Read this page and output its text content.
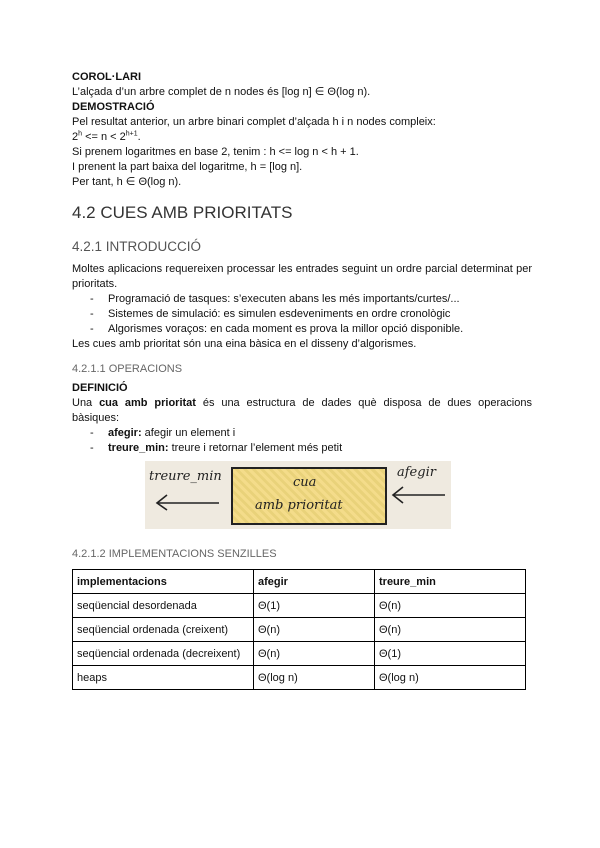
COROL·LARI
L’alçada d’un arbre complet de n nodes és [log n] ∈ Θ(log n).
DEMOSTRACIÓ
Pel resultat anterior, un arbre binari complet d’alçada h i n nodes compleix:
$2^h <= n < 2^{h+1}$.
Si prenem logaritmes en base 2, tenim : h <= log n < h + 1.
I prenent la part baixa del logaritme, h = [log n].
Per tant, h ∈ Θ(log n).
4.2 CUES AMB PRIORITATS
4.2.1 INTRODUCCIÓ
Moltes aplicacions requereixen processar les entrades seguint un ordre parcial determinat per prioritats.
- Programació de tasques: s’executen abans les més importants/curtes/...
- Sistemes de simulació: es simulen esdeveniments en ordre cronològic
- Algorismes voraços: en cada moment es prova la millor opció disponible.
Les cues amb prioritat són una eina bàsica en el disseny d’algorismes.
4.2.1.1 OPERACIONS
DEFINICIÓ
Una cua amb prioritat és una estructura de dades què disposa de dues operacions bàsiques:
- afegir: afegir un element i
- treure_min: treure i retornar l’element més petit
treure_min	cua
amb prioritat
afegir
4.2.1.2 IMPLEMENTACIONS SENZILLES
implementacions	afegir	treure_min
seqüencial desordenada	Θ(1)	Θ(n)
seqüencial ordenada (creixent)	Θ(n)	Θ(n)
seqüencial ordenada (decreixent)	Θ(n)	Θ(1)
heaps	Θ(log n)	Θ(log n)
